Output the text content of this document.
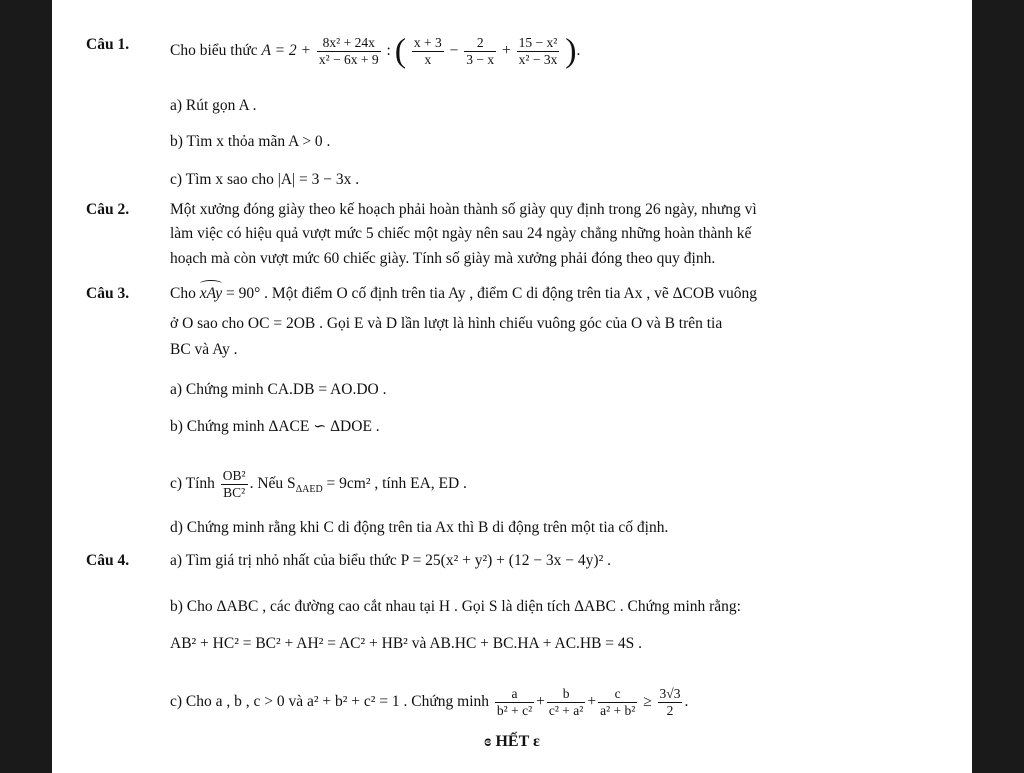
Câu 1.	Cho biểu thức $A = 2 + \frac{\text{8x² + 24x}}{\text{x² − 6x + 9}}$ : ( $\frac{x + 3}{x} - \frac{2}{3 - x} + \frac{\text{15 − x²}}{\text{x² − 3x}}$ ).
a) Rút gọn A .
b) Tìm x thỏa mãn A > 0 .
c) Tìm x sao cho |A| = 3 − 3x .
Câu 2.	Một xưởng đóng giày theo kế hoạch phải hoàn thành số giày quy định trong 26 ngày, nhưng vì
làm việc có hiệu quả vượt mức 5 chiếc một ngày nên sau 24 ngày chẳng những hoàn thành kế
hoạch mà còn vượt mức 60 chiếc giày. Tính số giày mà xưởng phải đóng theo quy định.
Câu 3.	Cho xAy = 90° . Một điểm O cố định trên tia Ay , điểm C di động trên tia Ax , vẽ ΔCOB vuông
ở O sao cho OC = 2OB . Gọi E và D lần lượt là hình chiếu vuông góc của O và B trên tia
BC và Ay .
a) Chứng minh CA.DB = AO.DO .
b) Chứng minh ΔACE ∽ ΔDOE .
c) Tính $\frac{\text{OB²}}{\text{BC²}}$ . Nếu $S_{\Delta AED} = 9cm^2$ , tính EA, ED .
d) Chứng minh rằng khi C di động trên tia Ax thì B di động trên một tia cố định.
Câu 4.	a) Tìm giá trị nhỏ nhất của biểu thức P = 25(x² + y²) + (12 − 3x − 4y)² .
b) Cho ΔABC , các đường cao cắt nhau tại H . Gọi S là diện tích ΔABC . Chứng minh rằng:
AB² + HC² = BC² + AH² = AC² + HB² và AB.HC + BC.HA + AC.HB = 4S .
c) Cho a , b , c > 0 và a² + b² + c² = 1 . Chứng minh $\frac{a}{\text{b² + c²}} + \frac{b}{\text{c² + a²}} + \frac{c}{\text{a² + b²}} \ge \frac{3√3}{2}$ .
ɞ HẾT ɛ
